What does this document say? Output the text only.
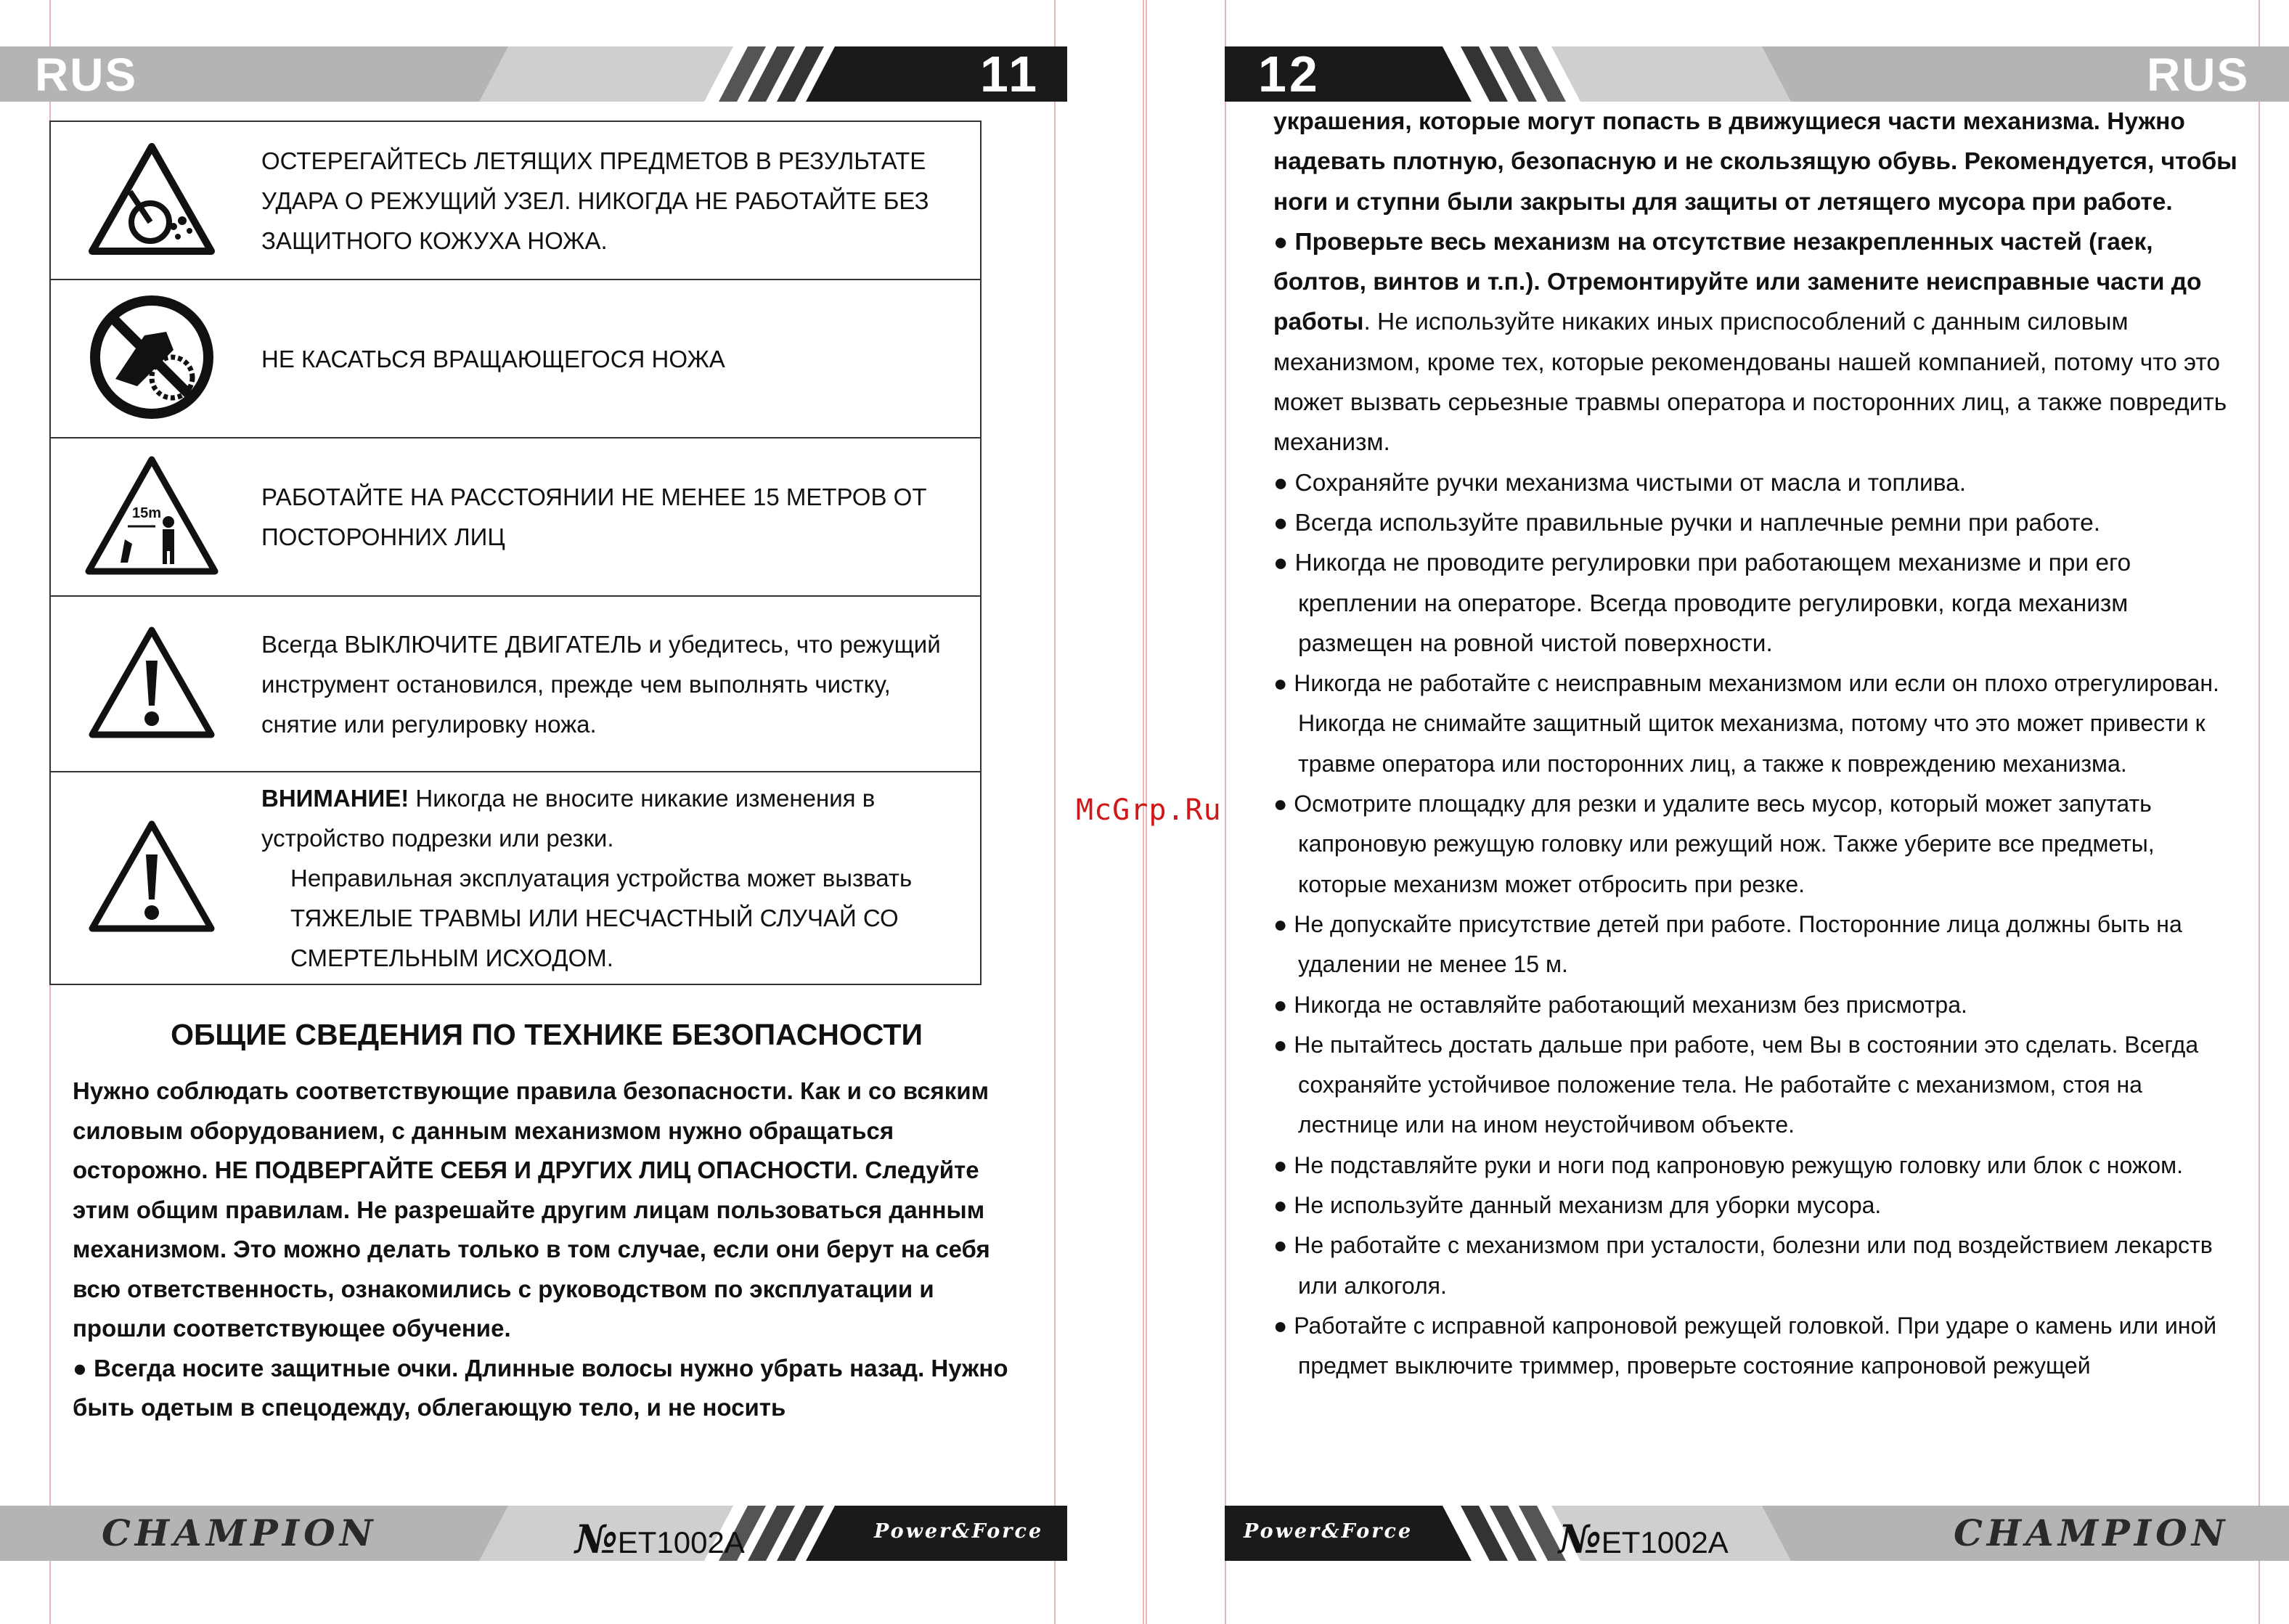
RUS	11
	ОСТЕРЕГАЙТЕСЬ ЛЕТЯЩИХ ПРЕДМЕТОВ В РЕЗУЛЬТАТЕ УДАРА О РЕЖУЩИЙ УЗЕЛ. НИКОГДА НЕ РАБОТАЙТЕ БЕЗ ЗАЩИТНОГО КОЖУХА НОЖА.
	НЕ КАСАТЬСЯ ВРАЩАЮЩЕГОСЯ НОЖА

15m	РАБОТАЙТЕ НА РАССТОЯНИИ НЕ МЕНЕЕ 15 МЕТРОВ ОТ ПОСТОРОННИХ ЛИЦ
	Всегда ВЫКЛЮЧИТЕ ДВИГАТЕЛЬ и убедитесь, что режущий инструмент остановился, прежде чем выполнять чистку, снятие или регулировку ножа.

ВНИМАНИЕ! Никогда не вносите никакие изменения в устройство подрезки или резки.
Неправильная эксплуатация устройства может вызвать ТЯЖЕЛЫЕ ТРАВМЫ ИЛИ НЕСЧАСТНЫЙ СЛУЧАЙ СО СМЕРТЕЛЬНЫМ ИСХОДОМ.
ОБЩИЕ СВЕДЕНИЯ ПО ТЕХНИКЕ БЕЗОПАСНОСТИ
Нужно соблюдать соответствующие правила безопасности. Как и со всяким силовым оборудованием, с данным механизмом нужно обращаться осторожно. НЕ ПОДВЕРГАЙТЕ СЕБЯ И ДРУГИХ ЛИЦ ОПАСНОСТИ. Следуйте этим общим правилам. Не разрешайте другим лицам пользоваться данным механизмом. Это можно делать только в том случае, если они берут на себя всю ответственность, ознакомились с руководством по эксплуатации и прошли соответствующее обучение.
● Всегда носите защитные очки. Длинные волосы нужно убрать назад. Нужно быть одетым в спецодежду, облегающую тело, и не носить
CHAMPION	№ET1002A	Power&Force
12	RUS

украшения, которые могут попасть в движущиеся части механизма. Нужно надевать плотную, безопасную и не скользящую обувь. Рекомендуется, чтобы ноги и ступни были закрыты для защиты от летящего мусора при работе.

● Проверьте весь механизм на отсутствие незакрепленных частей (гаек, болтов, винтов и т.п.). Отремонтируйте или замените неисправные части до работы. Не используйте никаких иных приспособлений с данным силовым механизмом, кроме тех, которые рекомендованы нашей компанией, потому что это может вызвать серьезные травмы оператора и посторонних лиц, а также повредить механизм.

● Сохраняйте ручки механизма чистыми от масла и топлива.

● Всегда используйте правильные ручки и наплечные ремни при работе.

● Никогда не проводите регулировки при работающем механизме и при его креплении на операторе. Всегда проводите регулировки, когда механизм размещен на ровной чистой поверхности.

● Никогда не работайте с неисправным механизмом или если он плохо отрегулирован. Никогда не снимайте защитный щиток механизма, потому что это может привести к травме оператора или посторонних лиц, а также к повреждению механизма.

● Осмотрите площадку для резки и удалите весь мусор, который может запутать капроновую режущую головку или режущий нож. Также уберите все предметы, которые механизм может отбросить при резке.

● Не допускайте присутствие детей при работе. Посторонние лица должны быть на удалении не менее 15 м.

● Никогда не оставляйте работающий механизм без присмотра.

● Не пытайтесь достать дальше при работе, чем Вы в состоянии это сделать. Всегда сохраняйте устойчивое положение тела. Не работайте с механизмом, стоя на лестнице или на ином неустойчивом объекте.

● Не подставляйте руки и ноги под капроновую режущую головку или блок с ножом.

● Не используйте данный механизм для уборки мусора.

● Не работайте с механизмом при усталости, болезни или под воздействием лекарств или алкоголя.

● Работайте с исправной капроновой режущей головкой. При ударе о камень или иной предмет выключите триммер, проверьте состояние капроновой режущей

Power&Force	№ET1002A	CHAMPION
McGrp.Ru
